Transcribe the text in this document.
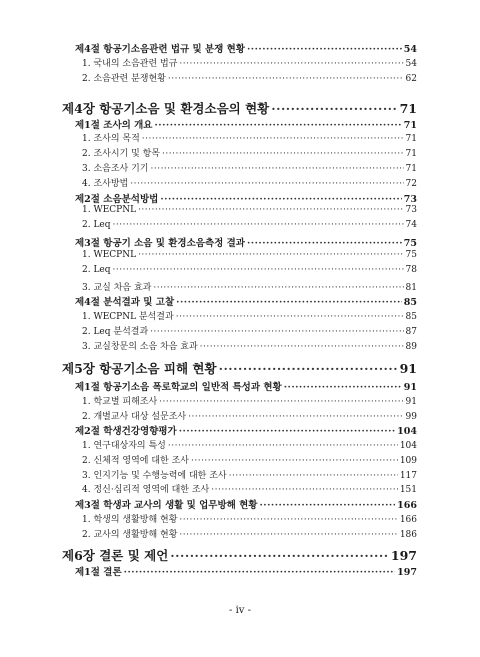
제4절 항공기소음관련 법규 및 분쟁 현황 ·····	54
1. 국내의 소음관련 법규 ·····	54
2. 소음관련 분쟁현황 ·····	62
제4장 항공기소음 및 환경소음의 현황 ·····	71
제1절 조사의 개요 ·····	71
1. 조사의 목적 ·····	71
2. 조사시기 및 항목 ·····	71
3. 소음조사 기기 ·····	71
4. 조사방법 ·····	72
제2절 소음분석방법 ·····	73
1. WECPNL ·····	73
2. Leq ·····	74
제3절 항공기 소음 및 환경소음측정 결과 ·····	75
1. WECPNL ·····	75
2. Leq ·····	78
3. 교실 차음 효과 ·····	81
제4절 분석결과 및 고찰 ·····	85
1. WECPNL 분석결과 ·····	85
2. Leq 분석결과 ·····	87
3. 교실창문의 소음 차음 효과 ·····	89
제5장 항공기소음 피해 현황 ·····	91
제1절 항공기소음 폭로학교의 일반적 특성과 현황 ·····	91
1. 학교별 피해조사 ·····	91
2. 개별교사 대상 설문조사 ·····	99
제2절 학생건강영향평가 ·····	104
1. 연구대상자의 특성 ·····	104
2. 신체적 영역에 대한 조사 ·····	109
3. 인지기능 및 수행능력에 대한 조사 ·····	117
4. 정신·심리적 영역에 대한 조사 ·····	151
제3절 학생과 교사의 생활 및 업무방해 현황 ·····	166
1. 학생의 생활방해 현황 ·····	166
2. 교사의 생활방해 현황 ·····	186
제6장 결론 및 제언 ·····	197
제1절 결론 ·····	197
- iv -
